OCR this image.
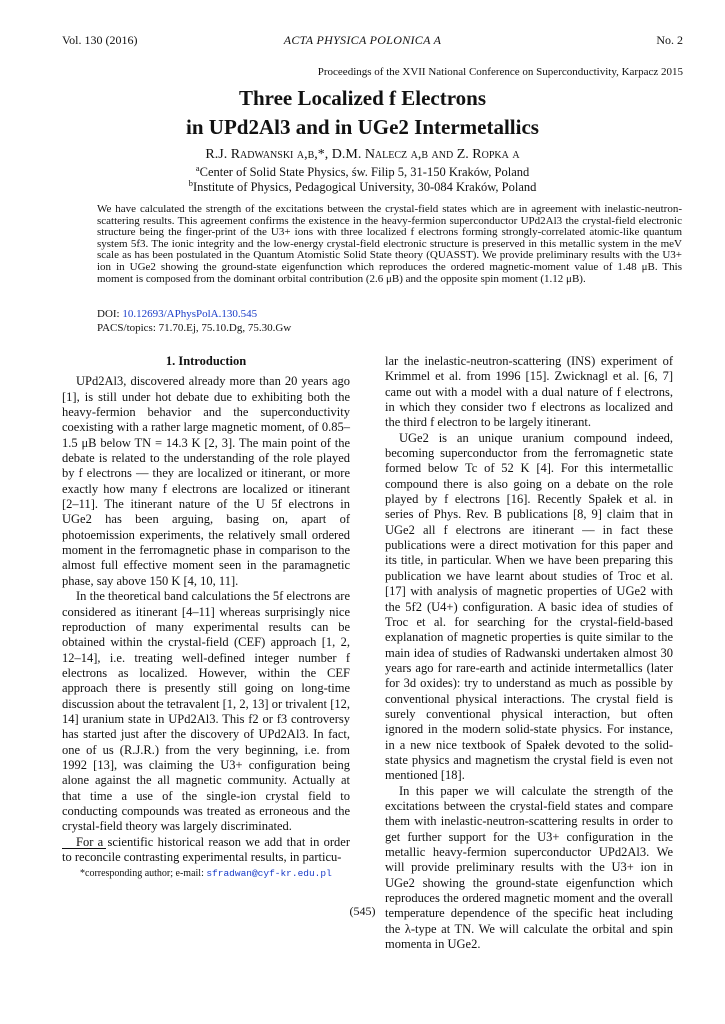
Vol. 130 (2016)	ACTA PHYSICA POLONICA A	No. 2
Proceedings of the XVII National Conference on Superconductivity, Karpacz 2015
Three Localized f Electrons
in UPd2Al3 and in UGe2 Intermetallics
R.J. Radwanski a,b,*, D.M. Nalecz a,b and Z. Ropka a
$^a$Center of Solid State Physics, św. Filip 5, 31-150 Kraków, Poland
$^b$Institute of Physics, Pedagogical University, 30-084 Kraków, Poland
We have calculated the strength of the excitations between the crystal-field states which are in agreement with inelastic-neutron-scattering results. This agreement confirms the existence in the heavy-fermion superconductor UPd2Al3 the crystal-field electronic structure being the finger-print of the U3+ ions with three localized f electrons forming strongly-correlated atomic-like quantum system 5f3. The ionic integrity and the low-energy crystal-field electronic structure is preserved in this metallic system in the meV scale as has been postulated in the Quantum Atomistic Solid State theory (QUASST). We provide preliminary results with the U3+ ion in UGe2 showing the ground-state eigenfunction which reproduces the ordered magnetic-moment value of 1.48 μB. This moment is composed from the dominant orbital contribution (2.6 μB) and the opposite spin moment (1.12 μB).
DOI: 10.12693/APhysPolA.130.545
PACS/topics: 71.70.Ej, 75.10.Dg, 75.30.Gw
1. Introduction

UPd2Al3, discovered already more than 20 years ago [1], is still under hot debate due to exhibiting both the heavy-fermion behavior and the superconductivity coexisting with a rather large magnetic moment, of 0.85–1.5 μB below TN = 14.3 K [2, 3]. The main point of the debate is related to the understanding of the role played by f electrons — they are localized or itinerant, or more exactly how many f electrons are localized or itinerant [2–11]. The itinerant nature of the U 5f electrons in UGe2 has been arguing, basing on, apart of photoemission experiments, the relatively small ordered moment in the ferromagnetic phase in comparison to the almost full effective moment seen in the paramagnetic phase, say above 150 K [4, 10, 11].

In the theoretical band calculations the 5f electrons are considered as itinerant [4–11] whereas surprisingly nice reproduction of many experimental results can be obtained within the crystal-field (CEF) approach [1, 2, 12–14], i.e. treating well-defined integer number f electrons as localized. However, within the CEF approach there is presently still going on long-time discussion about the tetravalent [1, 2, 13] or trivalent [12, 14] uranium state in UPd2Al3. This f2 or f3 controversy has started just after the discovery of UPd2Al3. In fact, one of us (R.J.R.) from the very beginning, i.e. from 1992 [13], was claiming the U3+ configuration being alone against the all magnetic community. Actually at that time a use of the single-ion crystal field to conducting compounds was treated as erroneous and the crystal-field theory was largely discriminated.

For a scientific historical reason we add that in order to reconcile contrasting experimental results, in particu-

lar the inelastic-neutron-scattering (INS) experiment of Krimmel et al. from 1996 [15]. Zwicknagl et al. [6, 7] came out with a model with a dual nature of f electrons, in which they consider two f electrons as localized and the third f electron to be largely itinerant.

UGe2 is an unique uranium compound indeed, becoming superconductor from the ferromagnetic state formed below Tc of 52 K [4]. For this intermetallic compound there is also going on a debate on the role played by f electrons [16]. Recently Spałek et al. in series of Phys. Rev. B publications [8, 9] claim that in UGe2 all f electrons are itinerant — in fact these publications were a direct motivation for this paper and its title, in particular. When we have been preparing this publication we have learnt about studies of Troc et al. [17] with analysis of magnetic properties of UGe2 with the 5f2 (U4+) configuration. A basic idea of studies of Troc et al. for searching for the crystal-field-based explanation of magnetic properties is quite similar to the main idea of studies of Radwanski undertaken almost 30 years ago for rare-earth and actinide intermetallics (later for 3d oxides): try to understand as much as possible by conventional physical interactions. The crystal field is surely conventional physical interaction, but often ignored in the modern solid-state physics. For instance, in a new nice textbook of Spałek devoted to the solid-state physics and magnetism the crystal field is even not mentioned [18].

In this paper we will calculate the strength of the excitations between the crystal-field states and compare them with inelastic-neutron-scattering results in order to get further support for the U3+ configuration in the metallic heavy-fermion superconductor UPd2Al3. We will provide preliminary results with the U3+ ion in UGe2 showing the ground-state eigenfunction which reproduces the ordered magnetic moment and the overall temperature dependence of the specific heat including the λ-type at TN. We will calculate the orbital and spin momenta in UGe2.

*corresponding author; e-mail: sfradwan@cyf-kr.edu.pl
(545)
